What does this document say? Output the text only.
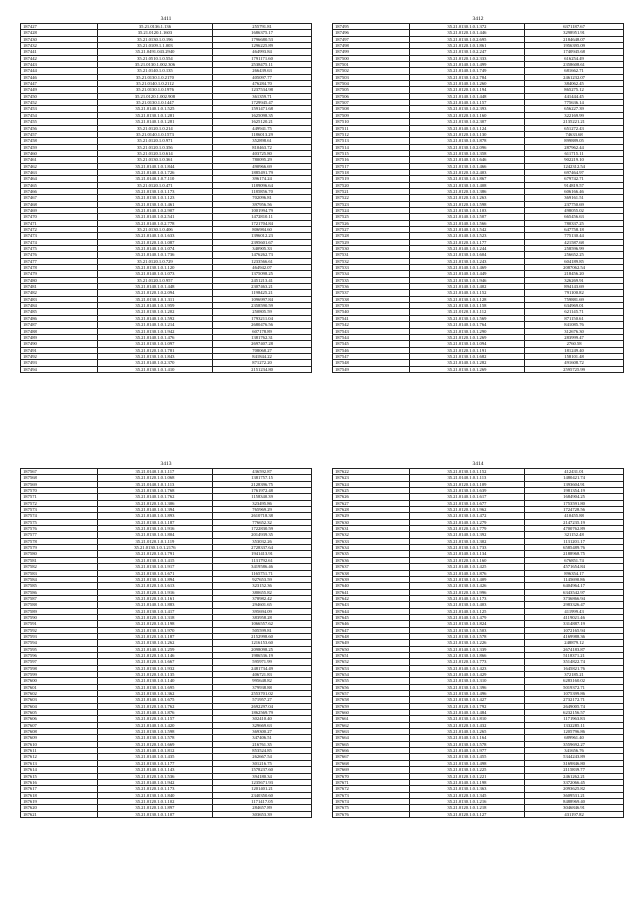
3411
187427	35.21.0136.1.136	255791.81
187428	35.21.0120.1.1603	1686375.17
187430	35.21.0130.1.0.196	1796680.53
187432	35.21.0109.1.1.003	1296225.89
187441	35.21.0491.043.2940	464993.84
187442	35.21.0510.1.0.554	1791171.60
187443	35.21.0130.1.002.306	2538475.11
187444	35.21.0140.1.0.135	266439.63
187446	35.21.0130.1.0.2170	405097.77
187447	35.21.0140.1.0.2112	476284.70
187449	35.21.0130.1.0.1976	1237534.98
187450	35.21.0120.1.002.908	361359.71
187452	35.21.0130.1.0.1447	1729945.47
187453	35.21.0140.1.0.1.525	1591471.68
187454	35.21.0130.1.0.1.281	1625098.35
187455	35.21.0140.1.0.1.281	1625120.21
187456	35.21.0120.1.0.214	449941.75
187457	35.21.0140.1.0.1573	1186013.29
187458	35.21.0120.1.0.971	352898.61
187459	35.21.0120.1.0.356	810463.72
187460	35.21.0120.1.0.614	403725.80
187461	35.21.0130.1.0.361	780095.29
187462	35.21.0140.1.0.1.844	490966.69
187463	35.21.0140.1.0.1.726	1885491.79
187464	35.21.0140.1.0.7.110	396174.24
187465	35.21.0120.1.0.471	1189096.64
187466	35.21.0130.1.0.1.173	1185856.70
187467	35.21.0130.1.0.1.123	702096.81
187468	35.21.0130.1.0.1.461	397956.56
187469	35.21.0140.1.0.2.907	1001994.79
187470	35.21.0140.1.0.2.541	1472810.11
187471	35.21.0140.1.0.2.778	1721704.84
187472	35.21.0130.1.0.406	806984.60
187473	35.21.0140.1.0.1.633	1396012.23
187474	35.21.0120.1.0.1.087	2395601.67
187475	35.21.0140.1.0.1.074	340905.33
187476	35.21.0140.1.0.1.736	1476262.73
187477	35.21.0120.1.0.729	1233566.61
187478	35.21.0130.1.0.1.120	464942.07
187479	35.21.0140.1.0.1.073	1375098.25
187480	35.21.0120.1.0.957	2451213.41
187481	35.21.0140.1.0.1.448	2307463.21
187482	35.21.0120.1.0.2.094	1198425.21
187483	35.21.0130.1.0.1.311	1096997.84
187484	35.21.0140.1.0.1.959	2358590.59
187485	35.21.0130.1.0.1.202	250805.59
187486	35.21.0140.1.0.1.592	1793211.04
187487	35.21.0140.1.0.1.214	2680476.56
187488	35.21.0130.1.0.1.942	607178.89
187489	35.21.0140.1.0.1.476	1381762.31
187490	35.21.0130.1.0.1.097	2697407.28
187491	35.21.0120.1.0.1.781	708068.27
187492	35.21.0130.1.0.1.843	841844.22
187493	35.21.0140.1.0.2.370	871272.20
187494	35.21.0130.1.0.1.410	2151234.80
3412
187495	35.21.0130.1.0.1.372	6371187.67
187496	35.21.0120.1.0.1.446	3298951.91
187497	35.21.0130.1.0.2.695	2184648.07
187498	35.21.0120.1.0.1.861	1956395.09
187499	35.21.0130.1.0.2.247	1740945.68
187500	35.21.0120.1.0.2.333	616254.49
187501	35.21.0140.1.0.1.499	2358608.61
187502	35.21.0140.1.0.1.749	681662.71
187503	35.21.0130.1.0.2.784	2461232.07
187504	35.21.0140.1.0.1.260	384062.45
187505	35.21.0120.1.0.1.194	865275.12
187506	35.21.0140.1.0.1.448	441444.45
187507	35.21.0140.1.0.1.157	775636.14
187508	35.21.0130.1.0.2.393	656227.39
187509	35.21.0120.1.0.1.160	322169.99
187510	35.21.0130.1.0.2.307	2135221.21
187511	35.21.0140.1.0.1.124	651272.43
187512	35.21.0120.1.0.1.130	74633.68
187513	35.21.0130.1.0.1.878	899889.05
187514	35.21.0130.1.0.2.096	287962.44
187515	35.21.0130.1.0.1.358	611715.11
187516	35.21.0140.1.0.1.646	902219.10
187517	35.21.0130.1.0.1.466	1242312.54
187518	35.21.0120.1.0.2.403	697464.97
187519	35.21.0130.1.0.1.867	679742.71
187520	35.21.0130.1.0.1.408	914819.57
187521	35.21.0120.1.0.1.386	606166.46
187522	35.21.0120.1.0.1.263	369161.51
187523	35.21.0120.1.0.1.598	237750.69
187524	35.21.0130.1.0.1.103	498055.02
187525	35.21.0140.1.0.1.507	665456.63
187526	35.21.0140.1.0.1.566	780337.25
187527	35.21.0140.1.0.1.542	647758.18
187528	35.21.0140.1.0.1.523	775130.44
187529	35.21.0120.1.0.1.177	421587.68
187530	35.21.0140.1.0.1.244	258596.99
187531	35.21.0130.1.0.1.604	256652.25
187532	35.21.0130.1.0.1.243	604189.85
187533	35.21.0140.1.0.1.469	2087062.54
187534	35.21.0140.1.0.1.449	218456.20
187535	35.21.0130.1.0.1.946	326269.91
187536	35.21.0140.1.0.1.402	894143.69
187537	35.21.0140.1.0.1.152	791100.82
187538	35.21.0130.1.0.1.128	759881.69
187539	35.21.0130.1.0.1.158	634969.01
187540	35.21.0120.1.0.1.112	621145.71
187541	35.21.0130.1.0.1.569	871150.61
187542	35.21.0140.1.0.1.764	841085.76
187543	35.21.0130.1.0.1.290	312676.30
187544	35.21.0120.1.0.1.269	283999.47
187545	35.21.0130.1.0.1.094	2760.58
187546	35.21.0120.1.0.1.191	181249.40
187547	35.21.0130.1.0.1.682	158101.48
187548	35.21.0140.1.0.1.282	491608.72
187549	35.21.0130.1.0.1.269	2595725.99
3413
187567	35.21.0140.1.0.1.117	436592.87
187568	35.21.0120.1.0.1.068	1381757.15
187569	35.21.0140.1.0.1.113	2128396.75
187570	35.21.0130.1.0.1.768	1761972.48
187571	35.21.0140.1.0.1.762	1158340.39
187572	35.21.0120.1.0.1.306	323495.86
187573	35.21.0140.1.0.1.394	765969.29
187574	35.21.0140.1.0.1.893	2610718.38
187575	35.21.0130.1.0.1.187	776652.32
187576	35.21.0130.1.0.1.916	1722830.59
187577	35.21.0130.1.0.1.804	2014939.35
187578	35.21.0120.1.0.1.119	353032.26
187579	35.21.0130.1.0.1.2176	2728337.64
187580	35.21.0120.1.0.1.791	1941413.91
187581	35.21.0130.1.0.1.415	1131792.61
187582	35.21.0130.1.0.1.917	3419586.46
187583	35.21.0130.1.0.1.671	1165751.71
187584	35.21.0130.1.0.1.894	927653.59
187585	35.21.0120.1.0.1.613	323152.36
187586	35.21.0120.1.0.1.916	380655.82
187587	35.21.0120.1.0.1.161	378982.42
187588	35.21.0140.1.0.1.883	294601.65
187589	35.21.0130.1.0.1.417	395694.09
187590	35.21.0120.1.0.1.318	383958.28
187591	35.21.0120.1.0.1.198	1066557.62
187592	35.21.0130.1.0.1.970	505599.81
187593	35.21.0120.1.0.1.187	2152998.60
187594	35.21.0130.1.0.1.262	1216153.60
187595	35.21.0140.1.0.1.259	2098098.25
187596	35.21.0120.1.0.1.146	1986536.19
187597	35.21.0120.1.0.1.667	595971.99
187598	35.21.0130.1.0.1.932	2481734.49
187599	35.21.0120.1.0.1.135	406721.83
187600	35.21.0130.1.0.1.140	995648.82
187601	35.21.0130.1.0.1.695	379938.88
187602	35.21.0130.1.0.1.362	2553701.02
187603	35.21.0140.1.0.1.675	571957.27
187604	35.21.0120.1.0.1.762	2692297.04
187605	35.21.0140.1.0.1.876	1862569.79
187606	35.21.0120.1.0.1.157	302410.40
187607	35.21.0140.1.0.1.420	329669.63
187608	35.21.0130.1.0.1.598	369300.27
187609	35.21.0130.1.0.1.578	347406.51
187610	35.21.0120.1.0.1.669	216761.35
187611	35.21.0140.1.0.1.812	853524.85
187612	35.21.0140.1.0.1.435	262667.54
187613	35.21.0130.1.0.1.177	301216.75
187614	35.21.0140.1.0.1.143	1578237.60
187615	35.21.0120.1.0.1.536	394180.34
187616	35.21.0140.1.0.1.942	1235671.93
187617	35.21.0120.1.0.1.173	1201401.21
187618	35.21.0130.1.0.1.840	2340350.60
187619	35.21.0120.1.0.1.102	1171417.05
187620	35.21.0120.1.0.1.897	284657.89
187621	35.21.0130.1.0.1.107	303653.39
3414
187622	35.21.0130.1.0.1.152	412431.01
187623	35.21.0140.1.0.1.113	1480421.74
187624	35.21.0120.1.0.1.109	1393604.91
187625	35.21.0130.1.0.1.639	1981354.19
187626	35.21.0140.1.0.1.617	1684904.25
187627	35.21.0130.1.0.1.677	1753591.80
187628	35.21.0120.1.0.1.962	1724728.56
187629	35.21.0130.1.0.1.472	410455.88
187630	35.21.0140.1.0.1.279	2147235.19
187631	35.21.0120.1.0.1.779	4700762.89
187632	35.21.0140.1.0.1.392	321152.48
187633	35.21.0130.1.0.1.302	1131201.17
187634	35.21.0130.1.0.1.733	6585489.76
187635	35.21.0140.1.0.1.134	2188968.75
187636	35.21.0120.1.0.1.160	676851.74
187637	35.21.0140.1.0.1.425	4571654.84
187638	35.21.0140.1.0.1.876	896354.17
187639	35.21.0130.1.0.1.409	1145690.86
187640	35.21.0130.1.0.1.426	6404964.17
187641	35.21.0120.1.0.1.996	6343542.97
187642	35.21.0140.1.0.1.173	3736866.94
187643	35.21.0130.1.0.1.403	2983326.47
187644	35.21.0140.1.0.1.125	411999.43
187645	35.21.0140.1.0.1.479	4119021.46
187646	35.21.0130.1.0.1.824	3314887.19
187647	35.21.0130.1.0.1.503	1072165.94
187648	35.21.0130.1.0.1.578	4169988.36
187649	35.21.0130.1.0.1.226	248879.12
187650	35.21.0140.1.0.1.339	2674183.87
187651	35.21.0130.1.0.1.866	5118371.21
187652	35.21.0120.1.0.1.773	3514822.74
187653	35.21.0140.1.0.1.423	1645821.76
187654	35.21.0140.1.0.1.429	372185.21
187655	35.21.0130.1.0.1.310	6283160.02
187656	35.21.0130.1.0.1.396	5019372.71
187657	35.21.0130.1.0.1.496	1075399.86
187658	35.21.0130.1.0.1.427	2732172.71
187659	35.21.0120.1.0.1.792	2649005.74
187660	35.21.0140.1.0.1.484	6232156.57
187661	35.21.0130.1.0.1.810	1171963.83
187662	35.21.0120.1.0.1.432	1332285.11
187663	35.21.0140.1.0.1.265	1205796.86
187664	35.21.0140.1.0.1.164	689961.40
187665	35.21.0130.1.0.1.578	3559692.27
187666	35.21.0140.1.0.1.977	341656.76
187667	35.21.0130.1.0.1.455	5344243.89
187668	35.21.0130.1.0.1.498	3169846.80
187669	35.21.0130.1.0.1.225	2115839.77
187670	35.21.0120.1.0.1.221	2461262.21
187671	35.21.0140.1.0.1.198	3372066.45
187672	35.21.0130.1.0.1.363	2093625.82
187673	35.21.0120.1.0.1.345	3609531.21
187674	35.21.0130.1.0.1.216	8488969.40
187675	35.21.0120.1.0.1.218	3046846.91
187676	35.21.0120.1.0.1.127	431197.82
